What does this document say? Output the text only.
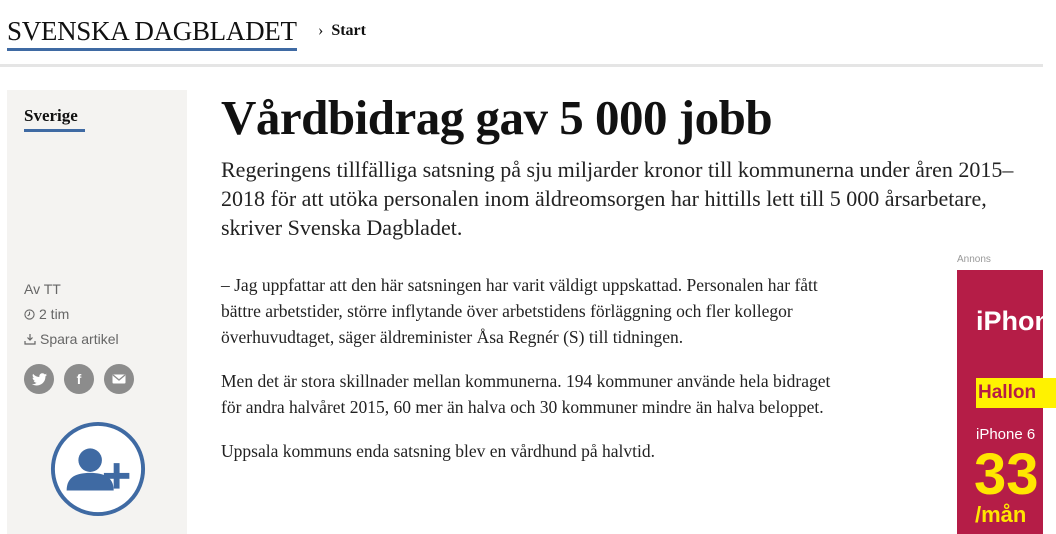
SVENSKA DAGBLADET › Start
Sverige
Av TT
2 tim
Spara artikel
f
Vårdbidrag gav 5 000 jobb

Regeringens tillfälliga satsning på sju miljarder kronor till kommunerna under åren 2015–2018 för att utöka personalen inom äldreomsorgen har hittills lett till 5 000 årsarbetare, skriver Svenska Dagbladet.

– Jag uppfattar att den här satsningen har varit väldigt uppskattad. Personalen har fått bättre arbetstider, större inflytande över arbetstidens förläggning och fler kollegor överhuvudtaget, säger äldreminister Åsa Regnér (S) till tidningen.

Men det är stora skillnader mellan kommunerna. 194 kommuner använde hela bidraget för andra halvåret 2015, 60 mer än halva och 30 kommuner mindre än halva beloppet.

Uppsala kommuns enda satsning blev en vårdhund på halvtid.

Annons
iPhon
Hallon
iPhone 6
33
/mån
